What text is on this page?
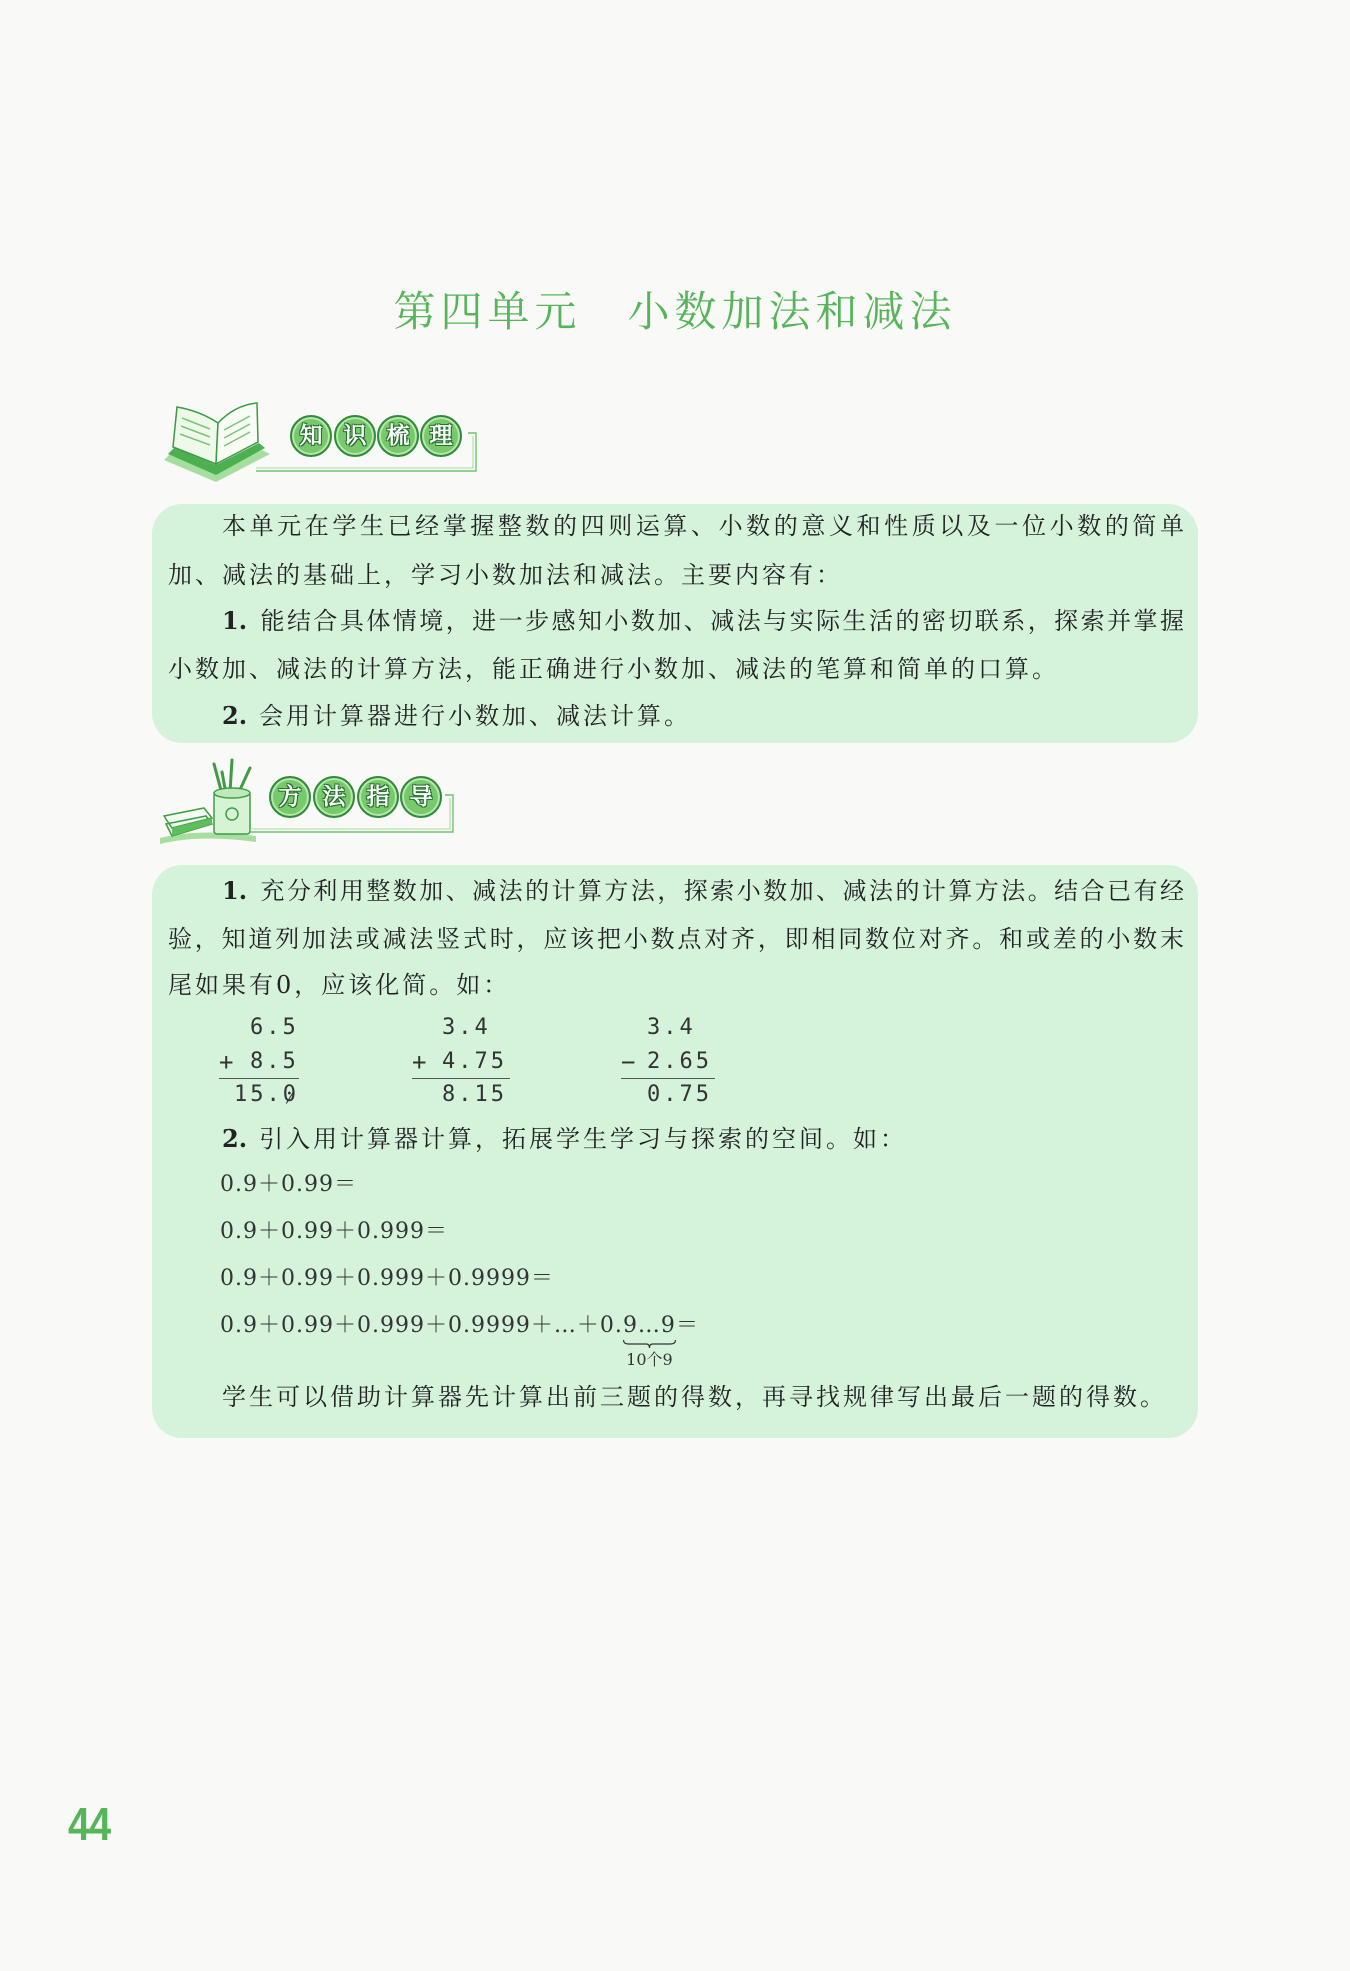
第四单元 小数加法和减法
知 识 梳 理
本单元在学生已经掌握整数的四则运算、小数的意义和性质以及一位小数的简单
加、减法的基础上，学习小数加法和减法。主要内容有：
1. 能结合具体情境，进一步感知小数加、减法与实际生活的密切联系，探索并掌握
小数加、减法的计算方法，能正确进行小数加、减法的笔算和简单的口算。
2. 会用计算器进行小数加、减法计算。
方 法 指 导
1. 充分利用整数加、减法的计算方法，探索小数加、减法的计算方法。结合已有经
验，知道列加法或减法竖式时，应该把小数点对齐，即相同数位对齐。和或差的小数末
尾如果有0，应该化简。如：
6.5
+ 8.5
15.0
3.4
+ 4.75
8.15
3.4
− 2.65
0.75
2. 引入用计算器计算，拓展学生学习与探索的空间。如：
0.9＋0.99＝
0.9＋0.99＋0.999＝
0.9＋0.99＋0.999＋0.9999＝
0.9＋0.99＋0.999＋0.9999＋…＋0.9…9
10个9
＝
学生可以借助计算器先计算出前三题的得数，再寻找规律写出最后一题的得数。
44
